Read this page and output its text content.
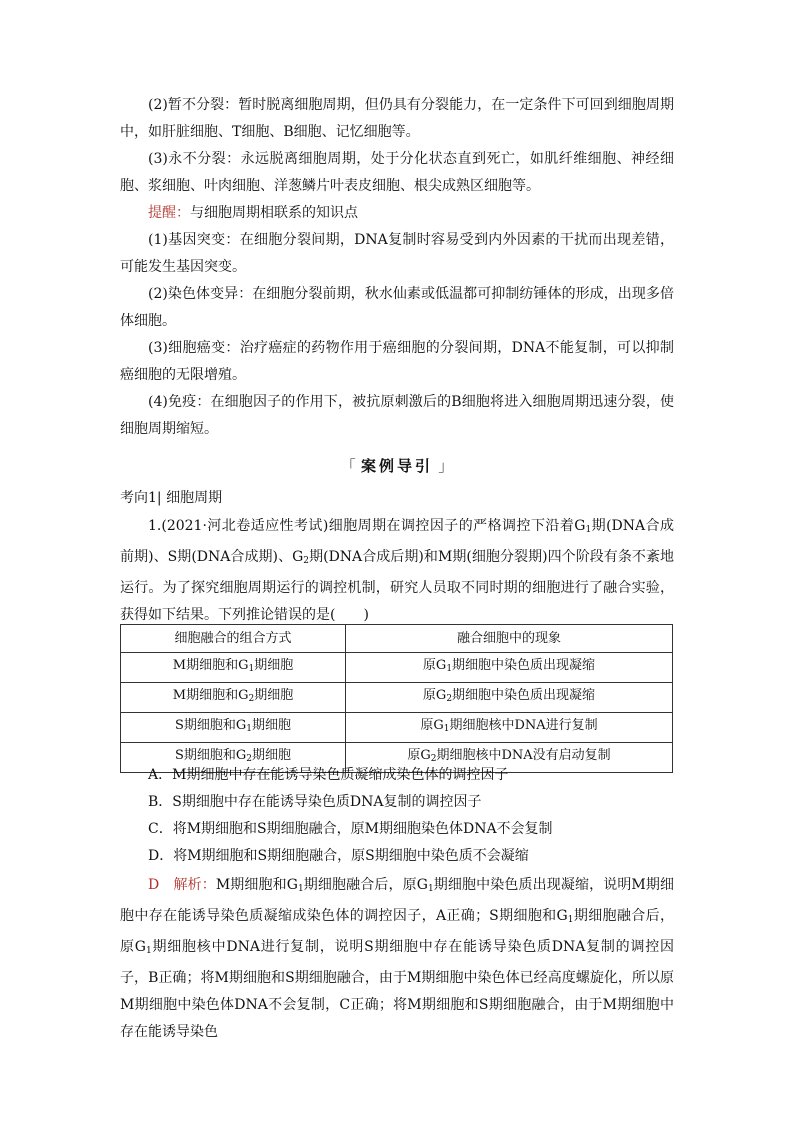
(2)暂不分裂：暂时脱离细胞周期，但仍具有分裂能力，在一定条件下可回到细胞周期中，如肝脏细胞、T细胞、B细胞、记忆细胞等。

(3)永不分裂：永远脱离细胞周期，处于分化状态直到死亡，如肌纤维细胞、神经细胞、浆细胞、叶肉细胞、洋葱鳞片叶表皮细胞、根尖成熟区细胞等。

提醒：与细胞周期相联系的知识点

(1)基因突变：在细胞分裂间期，DNA复制时容易受到内外因素的干扰而出现差错，可能发生基因突变。

(2)染色体变异：在细胞分裂前期，秋水仙素或低温都可抑制纺锤体的形成，出现多倍体细胞。

(3)细胞癌变：治疗癌症的药物作用于癌细胞的分裂间期，DNA不能复制，可以抑制癌细胞的无限增殖。

(4)免疫：在细胞因子的作用下，被抗原刺激后的B细胞将进入细胞周期迅速分裂，使细胞周期缩短。

「 案例导引 」

考向1| 细胞周期

1.(2021·河北卷适应性考试)细胞周期在调控因子的严格调控下沿着$G_1$期(DNA合成前期)、S期(DNA合成期)、$G_2$期(DNA合成后期)和M期(细胞分裂期)四个阶段有条不紊地运行。为了探究细胞周期运行的调控机制，研究人员取不同时期的细胞进行了融合实验，获得如下结果。下列推论错误的是(　　)

细胞融合的组合方式	融合细胞中的现象
M期细胞和$G_1$期细胞	原$G_1$期细胞中染色质出现凝缩
M期细胞和$G_2$期细胞	原$G_2$期细胞中染色质出现凝缩
S期细胞和$G_1$期细胞	原$G_1$期细胞核中DNA进行复制
S期细胞和$G_2$期细胞	原$G_2$期细胞核中DNA没有启动复制

A．M期细胞中存在能诱导染色质凝缩成染色体的调控因子

B．S期细胞中存在能诱导染色质DNA复制的调控因子

C．将M期细胞和S期细胞融合，原M期细胞染色体DNA不会复制

D．将M期细胞和S期细胞融合，原S期细胞中染色质不会凝缩

D　 解析：M期细胞和$G_1$期细胞融合后，原$G_1$期细胞中染色质出现凝缩，说明M期细胞中存在能诱导染色质凝缩成染色体的调控因子，A正确；S期细胞和$G_1$期细胞融合后，原$G_1$期细胞核中DNA进行复制，说明S期细胞中存在能诱导染色质DNA复制的调控因子，B正确；将M期细胞和S期细胞融合，由于M期细胞中染色体已经高度螺旋化，所以原M期细胞中染色体DNA不会复制，C正确；将M期细胞和S期细胞融合，由于M期细胞中存在能诱导染色
